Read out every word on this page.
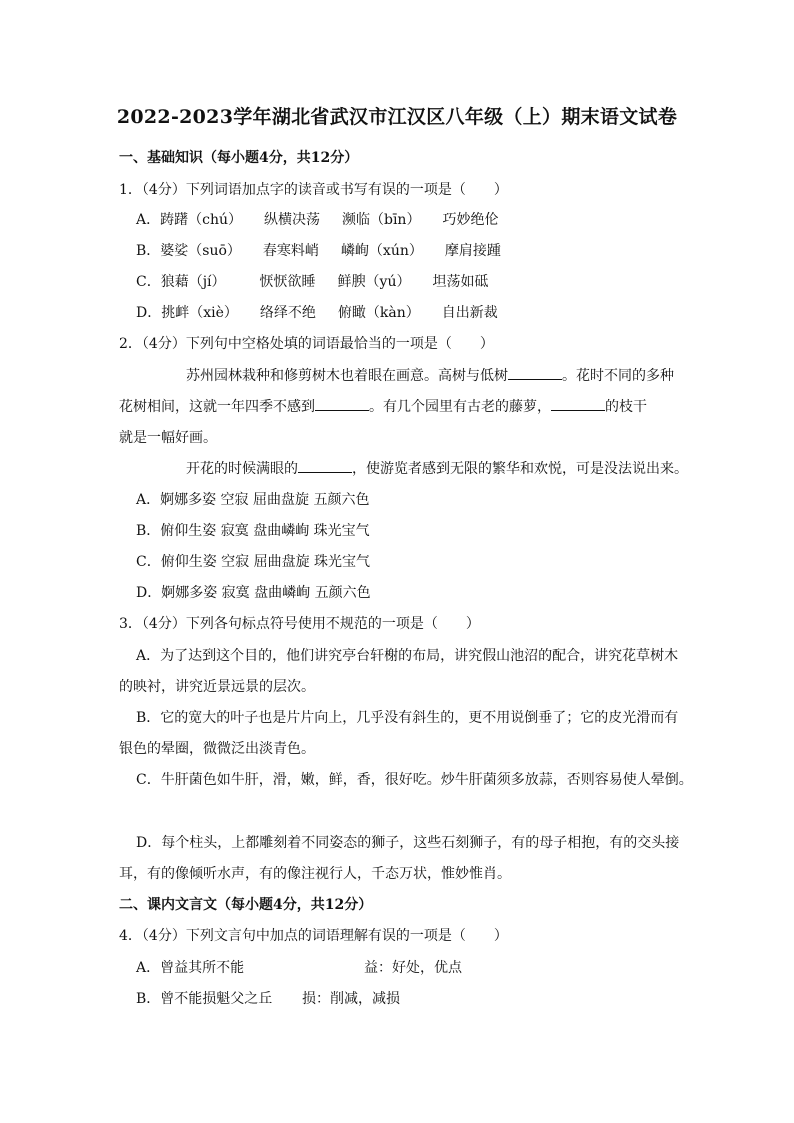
2022-2023学年湖北省武汉市江汉区八年级（上）期末语文试卷
一、基础知识（每小题4分，共12分）
1．（4分）下列词语加点字的读音或书写有误的一项是（　　）
A．踌躇（chú） 纵横决荡 濒临（bīn） 巧妙绝伦
B．婆娑（suō） 春寒料峭 嶙峋（xún） 摩肩接踵
C．狼藉（jí） 恹恹欲睡 鲜腴（yú） 坦荡如砥
D．挑衅（xiè） 络绎不绝 俯瞰（kàn） 自出新裁
2．（4分）下列句中空格处填的词语最恰当的一项是（　　）
苏州园林栽种和修剪树木也着眼在画意。高树与低树	。花时不同的多种
花树相间，这就一年四季不感到	。有几个园里有古老的藤萝，	的枝干
就是一幅好画。
开花的时候满眼的	，使游览者感到无限的繁华和欢悦，可是没法说出来。
A．婀娜多姿 空寂 屈曲盘旋 五颜六色
B．俯仰生姿 寂寞 盘曲嶙峋 珠光宝气
C．俯仰生姿 空寂 屈曲盘旋 珠光宝气
D．婀娜多姿 寂寞 盘曲嶙峋 五颜六色
3．（4分）下列各句标点符号使用不规范的一项是（　　）
A．为了达到这个目的，他们讲究亭台轩榭的布局，讲究假山池沼的配合，讲究花草树木
的映衬，讲究近景远景的层次。
B．它的宽大的叶子也是片片向上，几乎没有斜生的，更不用说倒垂了；它的皮光滑而有
银色的晕圈，微微泛出淡青色。
C．牛肝菌色如牛肝，滑，嫩，鲜，香，很好吃。炒牛肝菌须多放蒜，否则容易使人晕倒。
D．每个柱头，上都雕刻着不同姿态的狮子，这些石刻狮子，有的母子相抱，有的交头接
耳，有的像倾听水声，有的像注视行人，千态万状，惟妙惟肖。
二、课内文言文（每小题4分，共12分）
4．（4分）下列文言句中加点的词语理解有误的一项是（　　）
A．曾益其所不能	益：好处，优点
B．曾不能损魁父之丘 损：削减，减损
